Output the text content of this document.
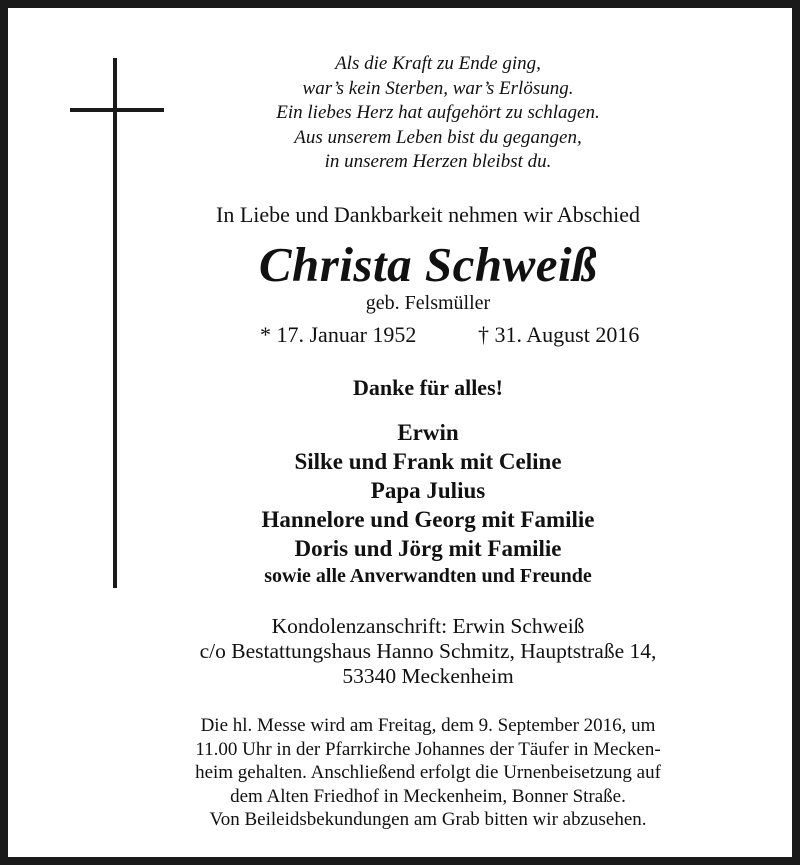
Als die Kraft zu Ende ging,
war’s kein Sterben, war’s Erlösung.
Ein liebes Herz hat aufgehört zu schlagen.
Aus unserem Leben bist du gegangen,
in unserem Herzen bleibst du.
In Liebe und Dankbarkeit nehmen wir Abschied
Christa Schweiß
geb. Felsmüller
* 17. Januar 1952	† 31. August 2016
Danke für alles!
Erwin
Silke und Frank mit Celine
Papa Julius
Hannelore und Georg mit Familie
Doris und Jörg mit Familie
sowie alle Anverwandten und Freunde
Kondolenzanschrift: Erwin Schweiß
c/o Bestattungshaus Hanno Schmitz, Hauptstraße 14,
53340 Meckenheim
Die hl. Messe wird am Freitag, dem 9. September 2016, um
11.00 Uhr in der Pfarrkirche Johannes der Täufer in Mecken-
heim gehalten. Anschließend erfolgt die Urnenbeisetzung auf
dem Alten Friedhof in Meckenheim, Bonner Straße.
Von Beileidsbekundungen am Grab bitten wir abzusehen.
